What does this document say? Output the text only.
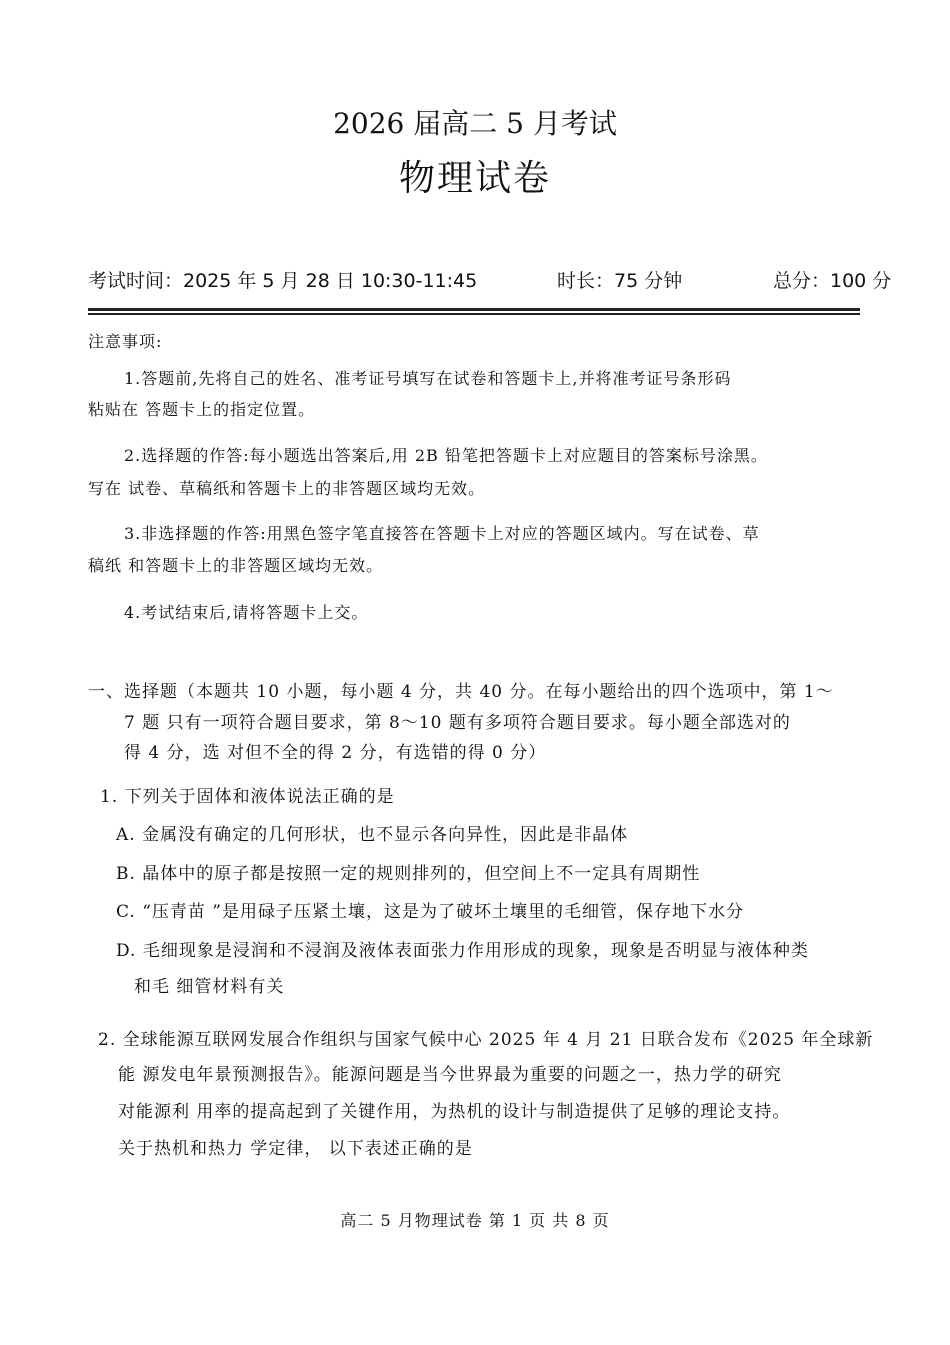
2026 届高二 5 月考试
物理试卷
考试时间：2025 年 5 月 28 日 10:30-11:45	时长：75 分钟	总分：100 分
注意事项:
1.答题前,先将自己的姓名、准考证号填写在试卷和答题卡上,并将准考证号条形码
粘贴在 答题卡上的指定位置。
2.选择题的作答:每小题选出答案后,用 2B 铅笔把答题卡上对应题目的答案标号涂黑。
写在 试卷、草稿纸和答题卡上的非答题区域均无效。
3.非选择题的作答:用黑色签字笔直接答在答题卡上对应的答题区域内。写在试卷、草
稿纸 和答题卡上的非答题区域均无效。
4.考试结束后,请将答题卡上交。
一、选择题（本题共 10 小题，每小题 4 分，共 40 分。在每小题给出的四个选项中，第 1～
7 题 只有一项符合题目要求，第 8～10 题有多项符合题目要求。每小题全部选对的
得 4 分，选 对但不全的得 2 分，有选错的得 0 分）
1. 下列关于固体和液体说法正确的是
A. 金属没有确定的几何形状，也不显示各向异性，因此是非晶体
B. 晶体中的原子都是按照一定的规则排列的，但空间上不一定具有周期性
C. “压青苗 ”是用碌子压紧土壤，这是为了破坏土壤里的毛细管，保存地下水分
D. 毛细现象是浸润和不浸润及液体表面张力作用形成的现象，现象是否明显与液体种类
和毛 细管材料有关
2. 全球能源互联网发展合作组织与国家气候中心 2025 年 4 月 21 日联合发布《2025 年全球新
能 源发电年景预测报告》。能源问题是当今世界最为重要的问题之一，热力学的研究
对能源利 用率的提高起到了关键作用，为热机的设计与制造提供了足够的理论支持。
关于热机和热力 学定律， 以下表述正确的是
高二 5 月物理试卷 第 1 页 共 8 页
